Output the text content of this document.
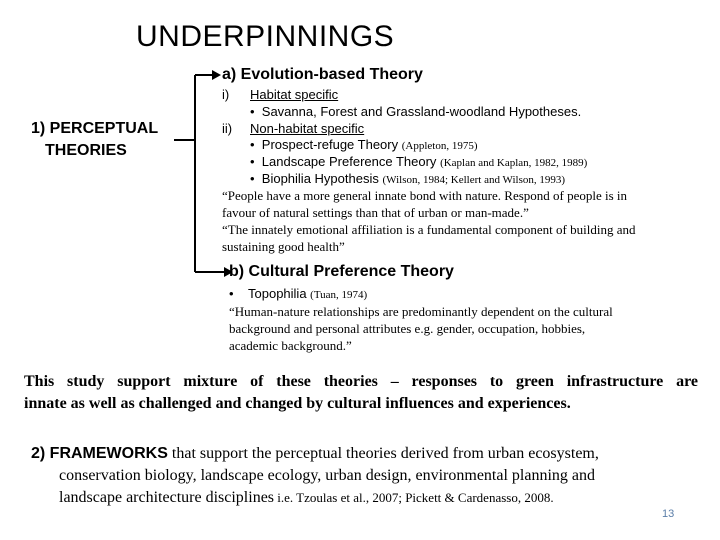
UNDERPINNINGS
1) PERCEPTUAL
THEORIES
a) Evolution-based Theory
i) Habitat specific
•  Savanna, Forest and Grassland-woodland Hypotheses.
ii) Non-habitat specific
•  Prospect-refuge Theory (Appleton, 1975)
•  Landscape Preference Theory (Kaplan and Kaplan, 1982, 1989)
•  Biophilia Hypothesis (Wilson, 1984; Kellert and Wilson, 1993)
“People have a more general innate bond with nature. Respond of people is in
favour of natural settings than that of urban or man-made.”
“The innately emotional affiliation is a fundamental component of building and
sustaining good health”
b) Cultural Preference Theory
•    Topophilia (Tuan, 1974)
“Human-nature relationships are predominantly dependent on the cultural
background and personal attributes e.g. gender, occupation, hobbies,
academic background.”
This study support mixture of these theories – responses to green infrastructure are
innate as well as challenged and changed by cultural influences and experiences.
2) FRAMEWORKS that support the perceptual theories derived from urban ecosystem,
conservation biology, landscape ecology, urban design, environmental planning and
landscape architecture disciplines i.e. Tzoulas et al., 2007; Pickett & Cardenasso, 2008.
13
